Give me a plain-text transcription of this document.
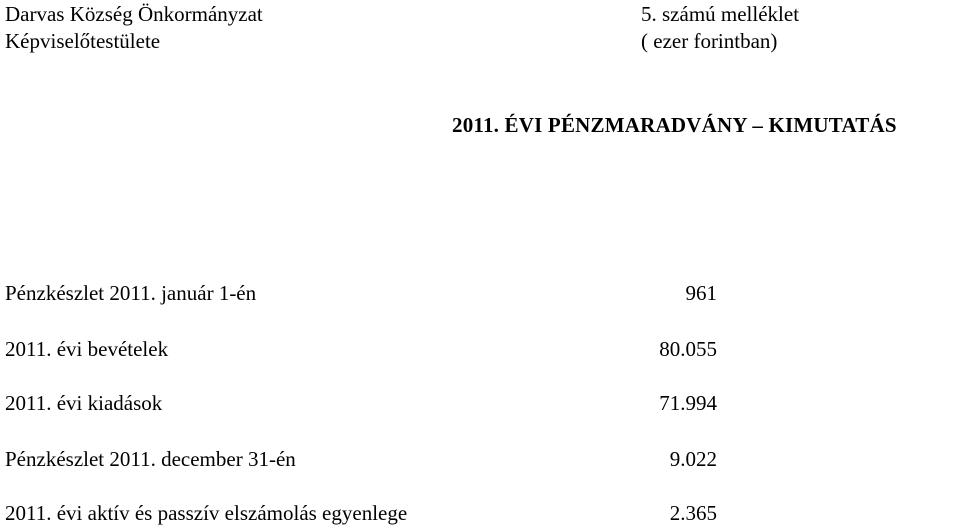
Darvas Község Önkormányzat
Képviselőtestülete
5. számú melléklet
( ezer forintban)
2011. ÉVI PÉNZMARADVÁNY – KIMUTATÁS
Pénzkészlet 2011. január 1-én	961
2011. évi bevételek	80.055
2011. évi kiadások	71.994
Pénzkészlet 2011. december 31-én	9.022
2011. évi aktív és passzív elszámolás egyenlege	2.365
